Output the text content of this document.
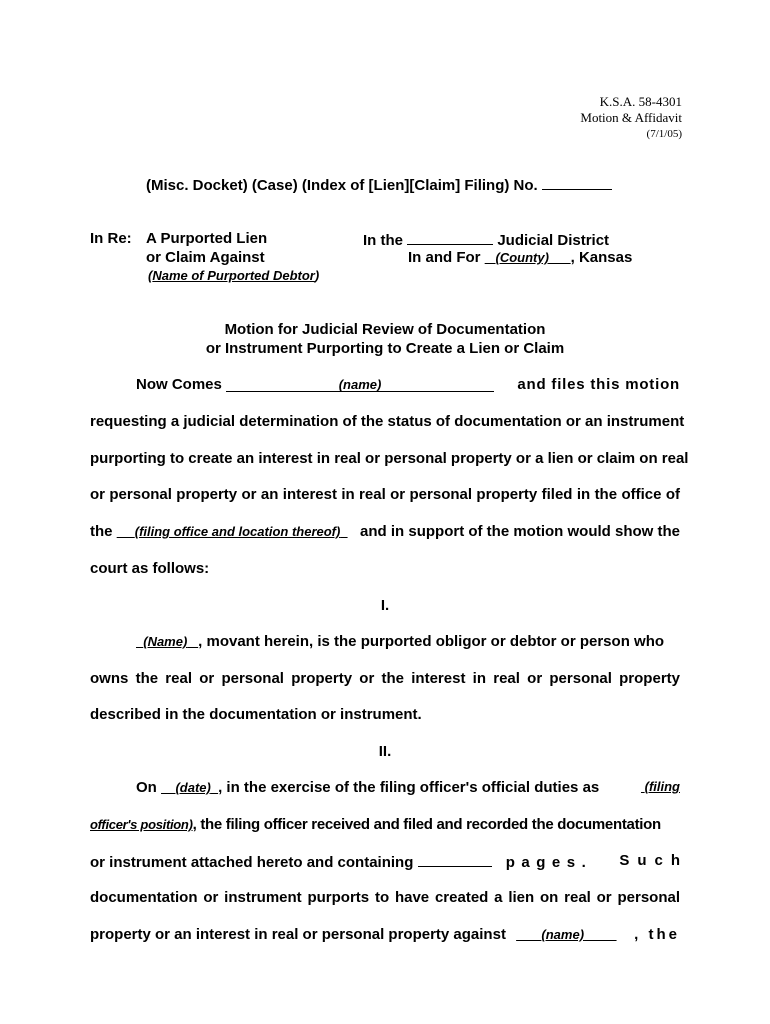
K.S.A. 58-4301
Motion & Affidavit
(7/1/05)
(Misc. Docket) (Case) (Index of [Lien][Claim] Filing) No.
In Re: A Purported Lien
or Claim Against
(Name of Purported Debtor)
In the	Judicial District
In and For (County) , Kansas
Motion for Judicial Review of Documentation
or Instrument Purporting to Create a Lien or Claim
Now Comes	(name)	and files this motion
requesting a judicial determination of the status of documentation or an instrument
purporting to create an interest in real or personal property or a lien or claim on real
or personal property or an interest in real or personal property filed in the office of
the (filing office and location thereof) and in support of the motion would show the
court as follows:
I.
(Name) , movant herein, is the purported obligor or debtor or person who
owns the real or personal property or the interest in real or personal property
described in the documentation or instrument.
II.
On (date) , in the exercise of the filing officer's official duties as	(filing
officer's position), the filing officer received and filed and recorded the documentation
or instrument attached hereto and containing	pages. Such
documentation or instrument purports to have created a lien on real or personal
property or an interest in real or personal property against	(name)	, the
